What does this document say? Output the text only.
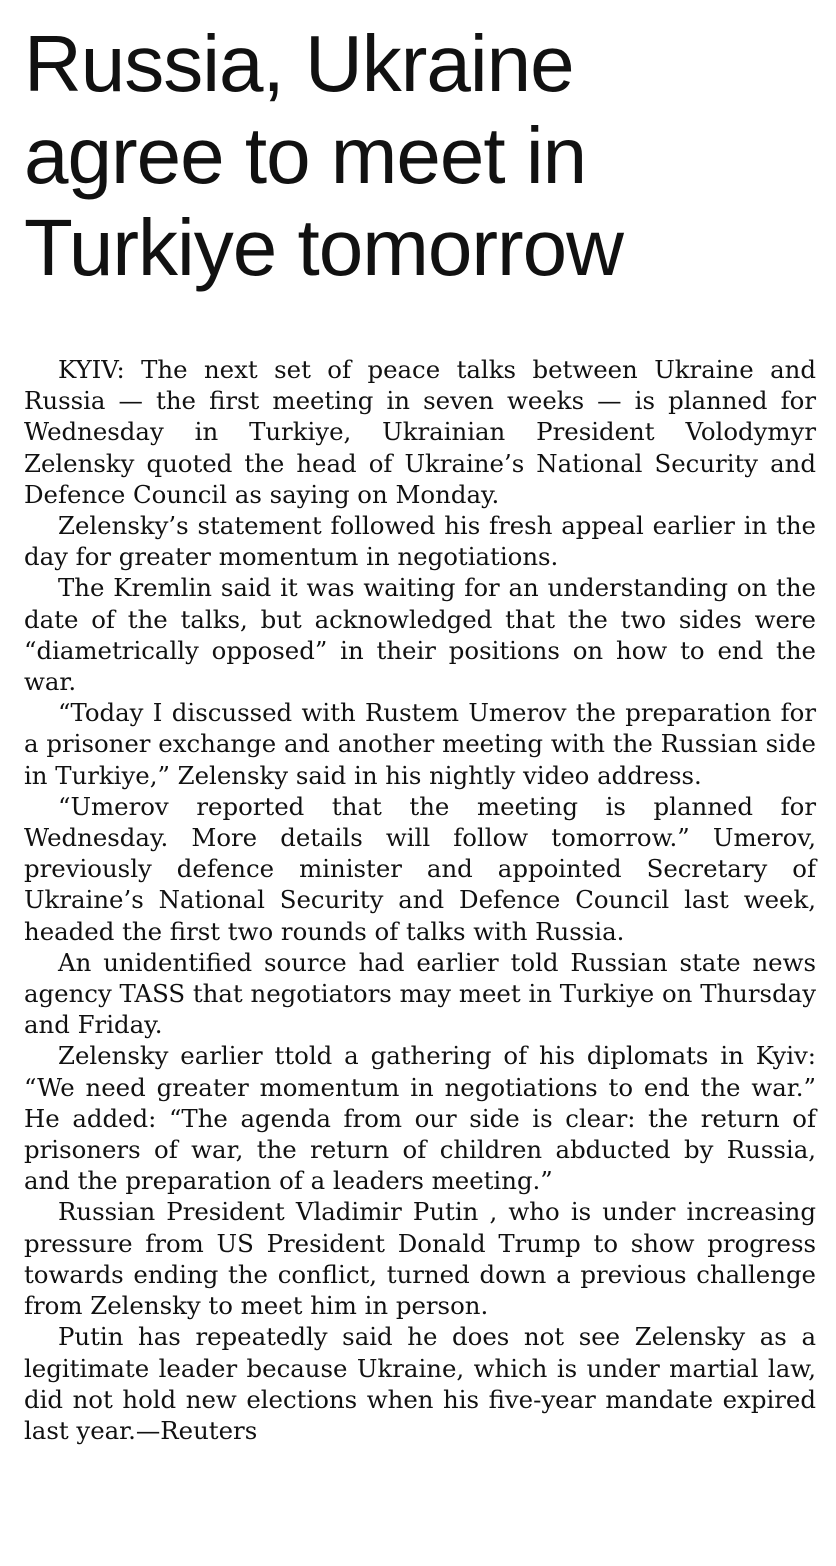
Russia, Ukraine
agree to meet in
Turkiye tomorrow

KYIV: The next set of peace talks between Ukraine and Russia — the first meeting in seven weeks — is planned for Wednesday in Turkiye, Ukrainian President Volodymyr Zelensky quoted the head of Ukraine’s National Security and Defence Council as saying on Monday.

Zelensky’s statement followed his fresh appeal earlier in the day for greater momentum in negotiations.

The Kremlin said it was waiting for an understanding on the date of the talks, but acknowledged that the two sides were “diametrically opposed” in their positions on how to end the war.

“Today I discussed with Rustem Umerov the preparation for a prisoner exchange and another meeting with the Russian side in Turkiye,” Zelensky said in his nightly video address.

“Umerov reported that the meeting is planned for Wednesday. More details will follow tomorrow.” Umerov, previously defence minister and appointed Secretary of Ukraine’s National Security and Defence Council last week, headed the first two rounds of talks with Russia.

An unidentified source had earlier told Russian state news agency TASS that negotiators may meet in Turkiye on Thursday and Friday.

Zelensky earlier ttold a gathering of his diplomats in Kyiv: “We need greater momentum in negotiations to end the war.” He added: “The agenda from our side is clear: the return of prisoners of war, the return of children abducted by Russia, and the preparation of a leaders meeting.”

Russian President Vladimir Putin , who is under increasing pressure from US President Donald Trump to show progress towards ending the conflict, turned down a previous challenge from Zelensky to meet him in person.

Putin has repeatedly said he does not see Zelensky as a legitimate leader because Ukraine, which is under martial law, did not hold new elections when his five-year mandate expired last year.—Reuters
